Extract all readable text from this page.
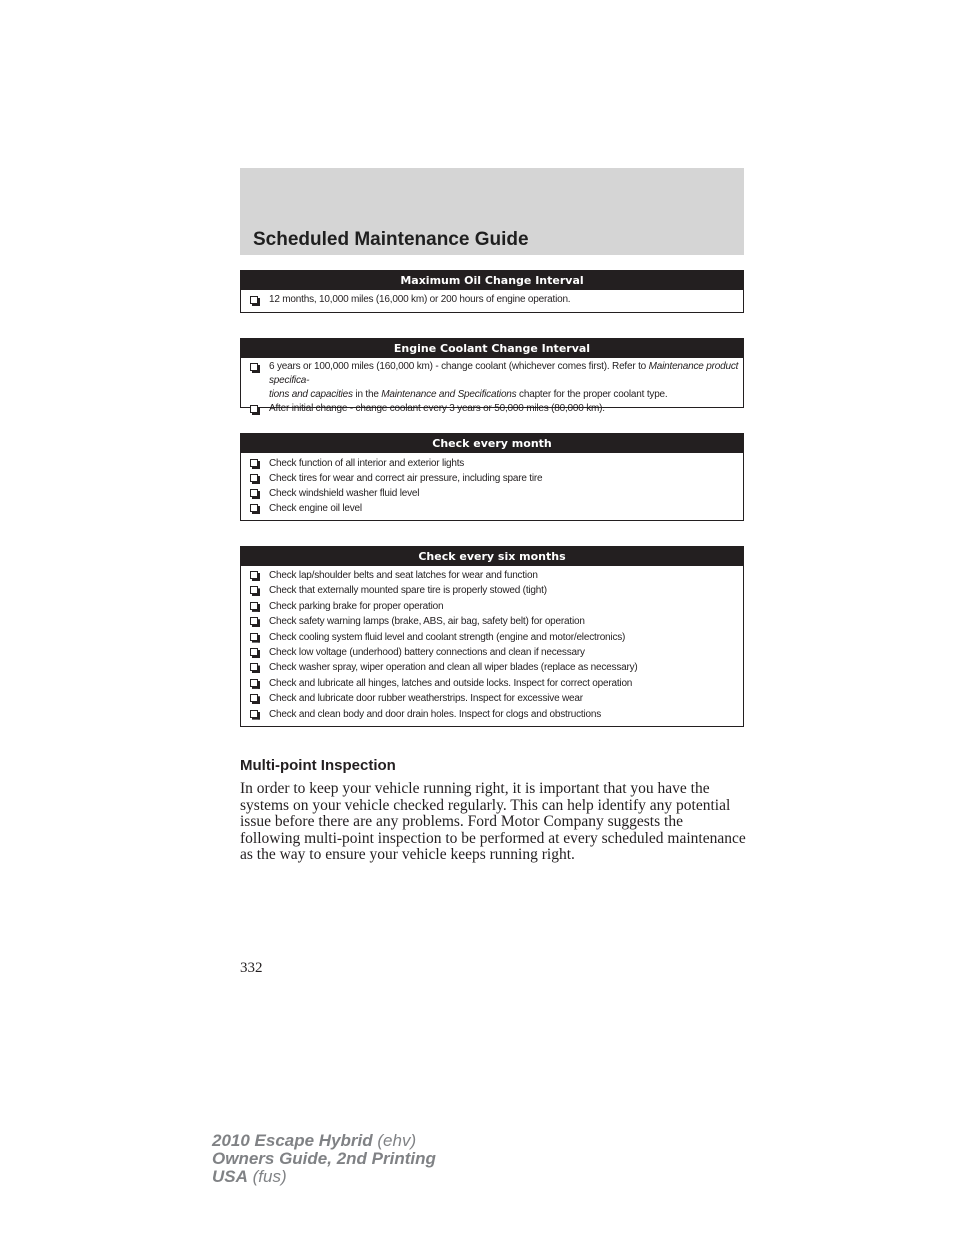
Scheduled Maintenance Guide
Maximum Oil Change Interval
12 months, 10,000 miles (16,000 km) or 200 hours of engine operation.
Engine Coolant Change Interval
6 years or 100,000 miles (160,000 km) - change coolant (whichever comes first). Refer to Maintenance product specifica-
tions and capacities in the Maintenance and Specifications chapter for the proper coolant type.
After initial change - change coolant every 3 years or 50,000 miles (80,000 km).
Check every month
Check function of all interior and exterior lights
Check tires for wear and correct air pressure, including spare tire
Check windshield washer fluid level
Check engine oil level
Check every six months
Check lap/shoulder belts and seat latches for wear and function
Check that externally mounted spare tire is properly stowed (tight)
Check parking brake for proper operation
Check safety warning lamps (brake, ABS, air bag, safety belt) for operation
Check cooling system fluid level and coolant strength (engine and motor/electronics)
Check low voltage (underhood) battery connections and clean if necessary
Check washer spray, wiper operation and clean all wiper blades (replace as necessary)
Check and lubricate all hinges, latches and outside locks. Inspect for correct operation
Check and lubricate door rubber weatherstrips. Inspect for excessive wear
Check and clean body and door drain holes. Inspect for clogs and obstructions
Multi-point Inspection
In order to keep your vehicle running right, it is important that you have the systems on your vehicle checked regularly. This can help identify any potential issue before there are any problems. Ford Motor Company suggests the following multi-point inspection to be performed at every scheduled maintenance as the way to ensure your vehicle keeps running right.
332
2010 Escape Hybrid (ehv)
Owners Guide, 2nd Printing
USA (fus)
